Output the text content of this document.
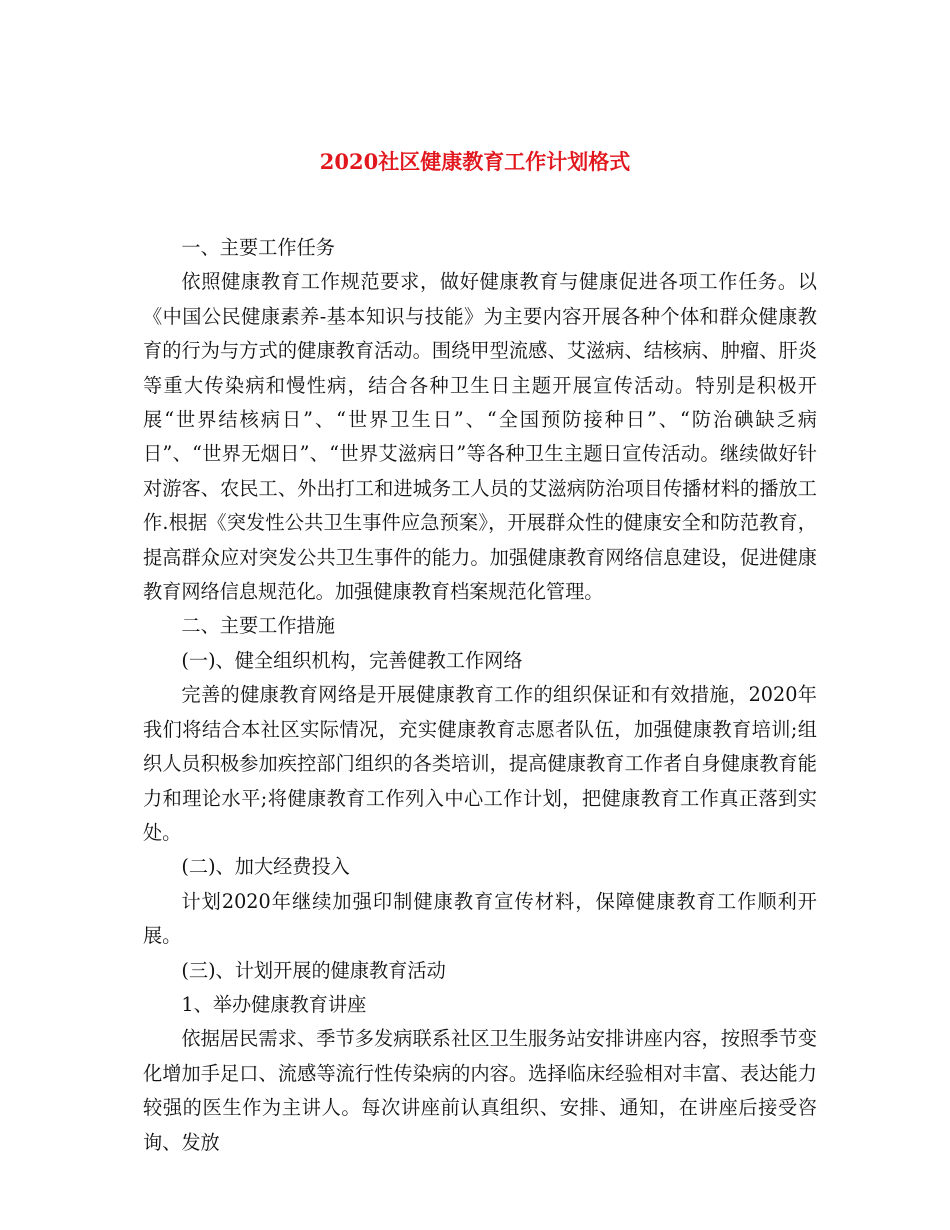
2020社区健康教育工作计划格式

一、主要工作任务

依照健康教育工作规范要求，做好健康教育与健康促进各项工作任务。以《中国公民健康素养-基本知识与技能》为主要内容开展各种个体和群众健康教育的行为与方式的健康教育活动。围绕甲型流感、艾滋病、结核病、肿瘤、肝炎等重大传染病和慢性病，结合各种卫生日主题开展宣传活动。特别是积极开展“世界结核病日”、“世界卫生日”、“全国预防接种日”、“防治碘缺乏病日”、“世界无烟日”、“世界艾滋病日”等各种卫生主题日宣传活动。继续做好针对游客、农民工、外出打工和进城务工人员的艾滋病防治项目传播材料的播放工作.根据《突发性公共卫生事件应急预案》，开展群众性的健康安全和防范教育，提高群众应对突发公共卫生事件的能力。加强健康教育网络信息建设，促进健康教育网络信息规范化。加强健康教育档案规范化管理。

二、主要工作措施

(一)、健全组织机构，完善健教工作网络

完善的健康教育网络是开展健康教育工作的组织保证和有效措施，2020年我们将结合本社区实际情况，充实健康教育志愿者队伍，加强健康教育培训;组织人员积极参加疾控部门组织的各类培训，提高健康教育工作者自身健康教育能力和理论水平;将健康教育工作列入中心工作计划，把健康教育工作真正落到实处。

(二)、加大经费投入

计划2020年继续加强印制健康教育宣传材料，保障健康教育工作顺利开展。

(三)、计划开展的健康教育活动

1、举办健康教育讲座

依据居民需求、季节多发病联系社区卫生服务站安排讲座内容，按照季节变化增加手足口、流感等流行性传染病的内容。选择临床经验相对丰富、表达能力较强的医生作为主讲人。每次讲座前认真组织、安排、通知，在讲座后接受咨询、发放
